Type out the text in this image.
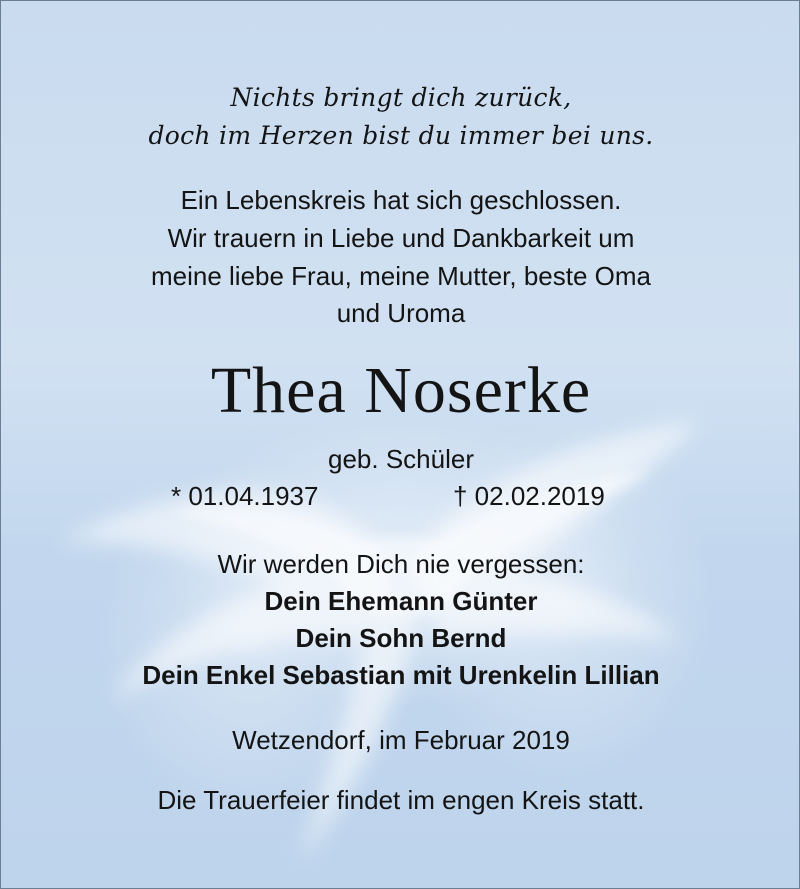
Nichts bringt dich zurück,
doch im Herzen bist du immer bei uns.
Ein Lebenskreis hat sich geschlossen.
Wir trauern in Liebe und Dankbarkeit um
meine liebe Frau, meine Mutter, beste Oma
und Uroma
Thea Noserke
geb. Schüler
* 01.04.1937	† 02.02.2019
Wir werden Dich nie vergessen:
Dein Ehemann Günter
Dein Sohn Bernd
Dein Enkel Sebastian mit Urenkelin Lillian
Wetzendorf, im Februar 2019
Die Trauerfeier findet im engen Kreis statt.
